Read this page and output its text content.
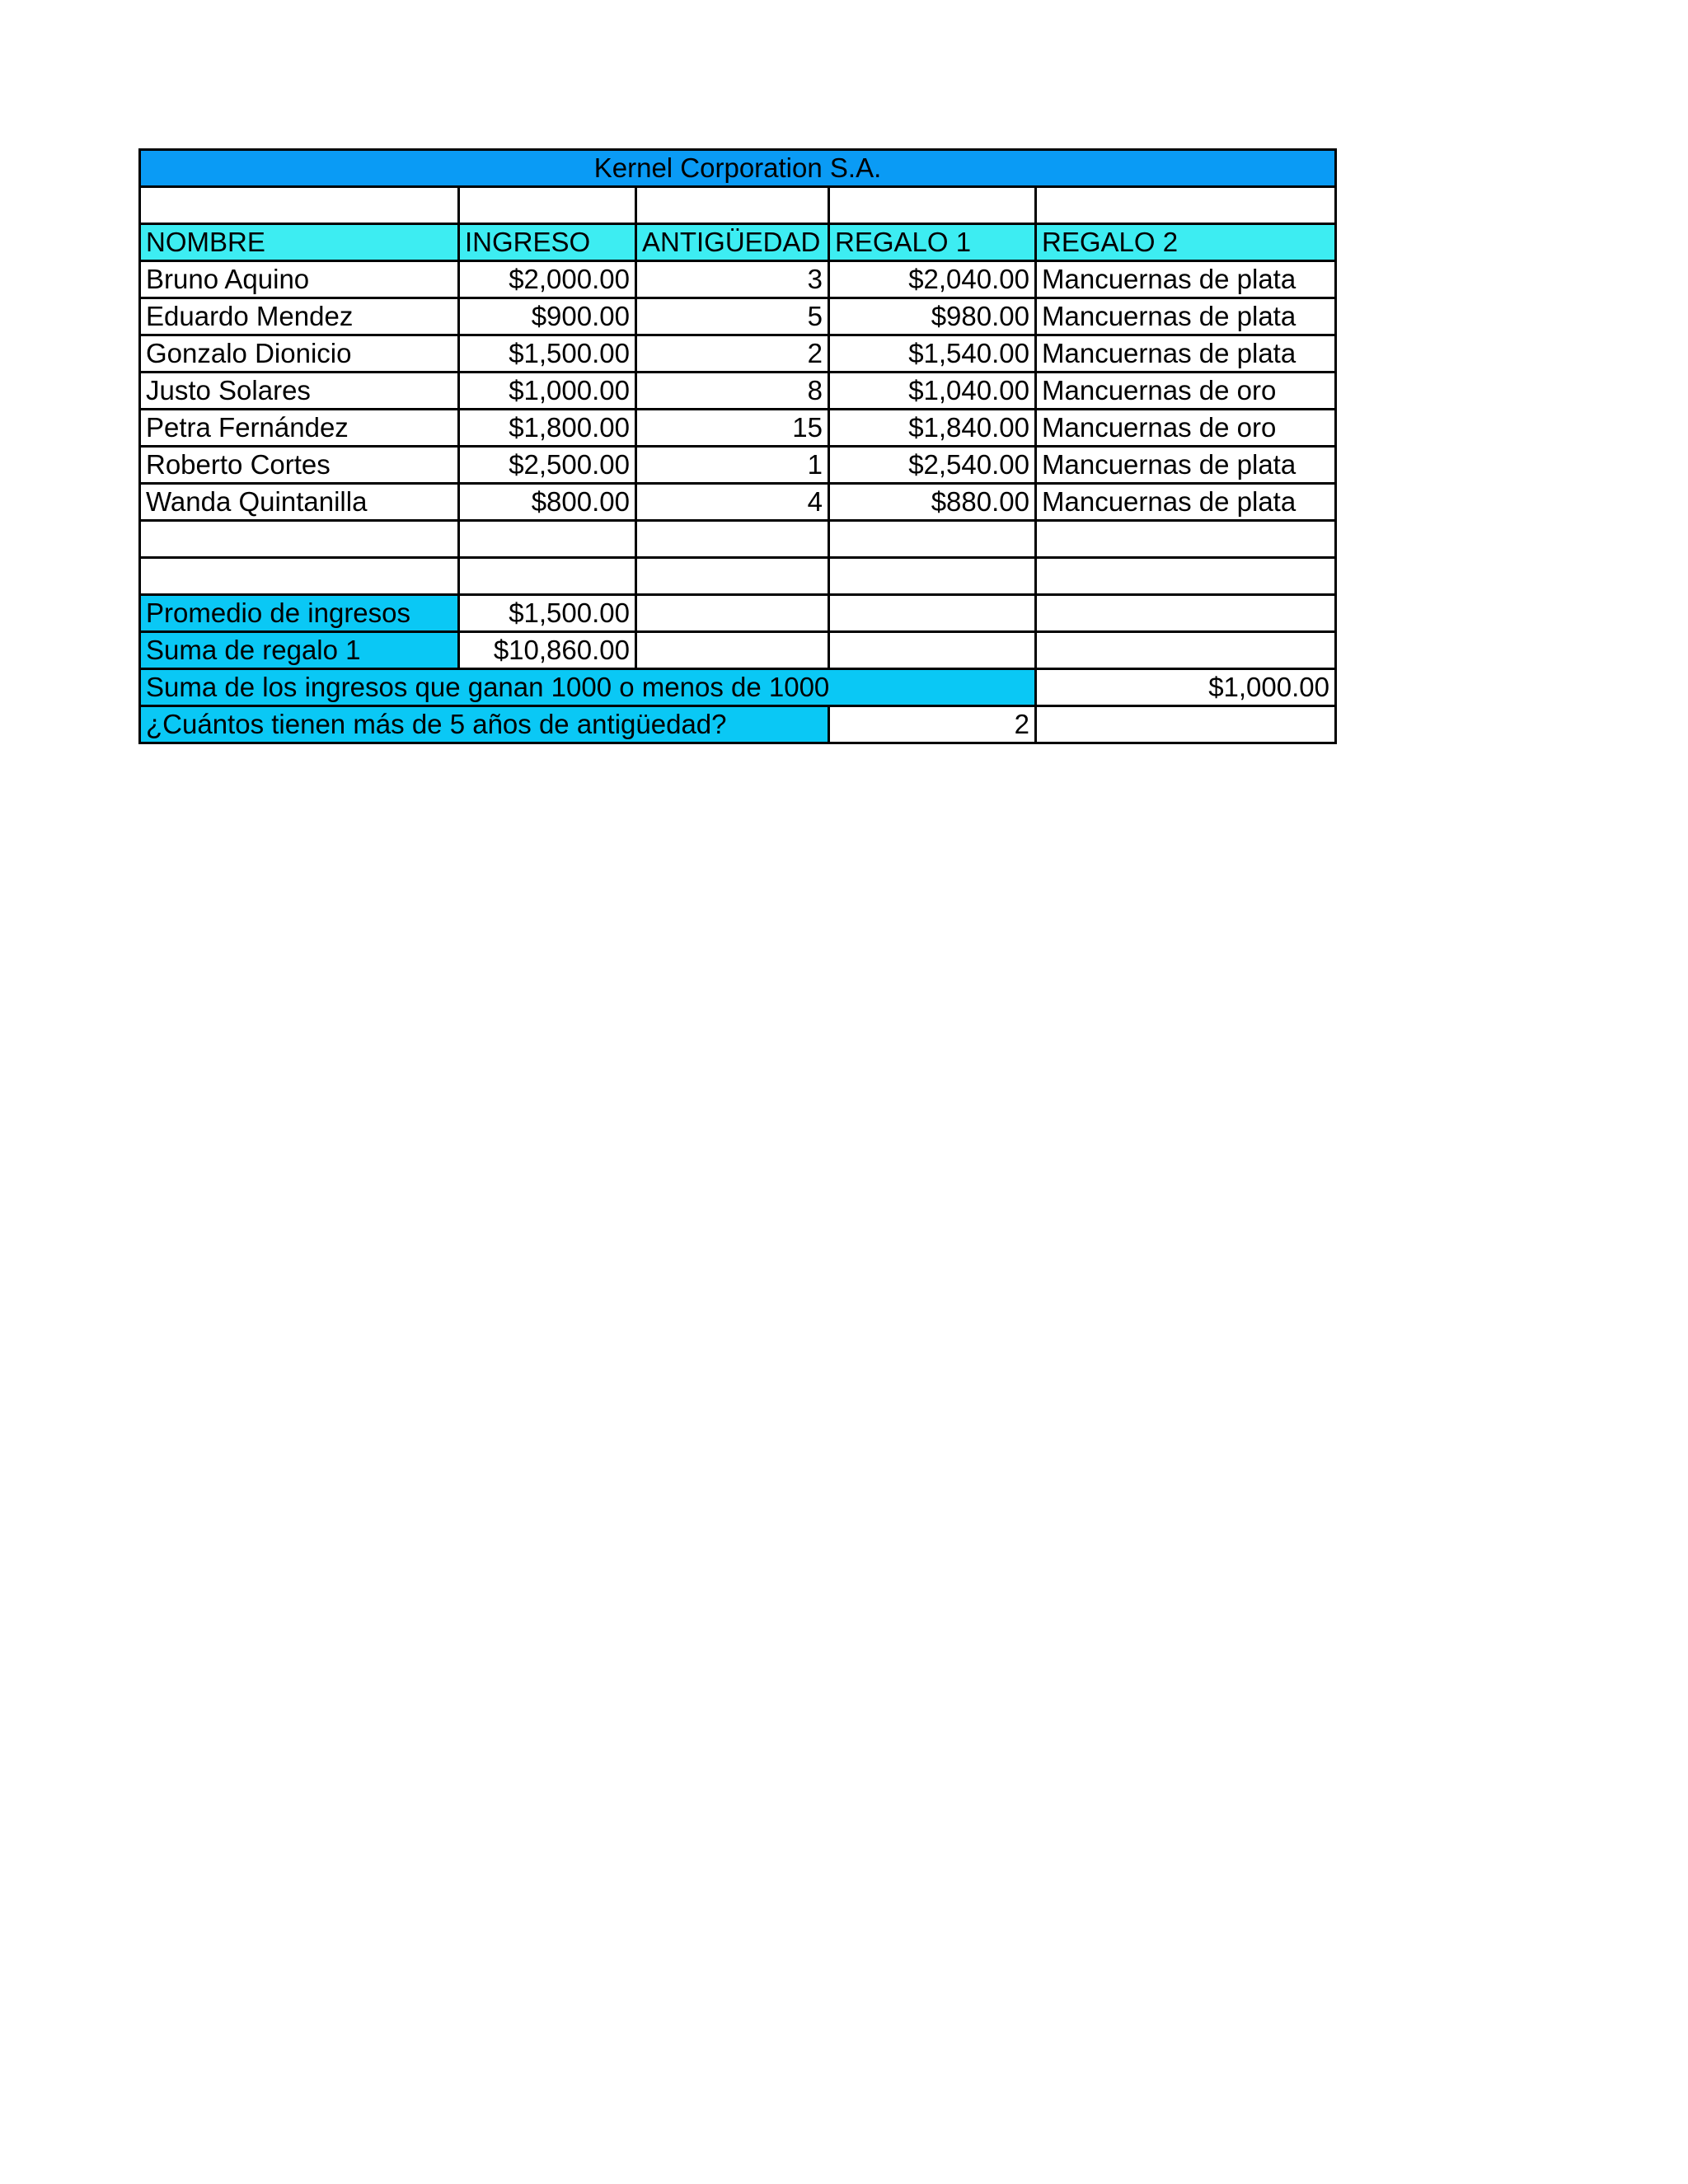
Kernel Corporation S.A.				

NOMBRE	INGRESO	ANTIGÜEDAD	REGALO 1	REGALO 2
Bruno Aquino	$2,000.00	3	$2,040.00	Mancuernas de plata
Eduardo Mendez	$900.00	5	$980.00	Mancuernas de plata
Gonzalo Dionicio	$1,500.00	2	$1,540.00	Mancuernas de plata
Justo Solares	$1,000.00	8	$1,040.00	Mancuernas de oro
Petra Fernández	$1,800.00	15	$1,840.00	Mancuernas de oro
Roberto Cortes	$2,500.00	1	$2,540.00	Mancuernas de plata
Wanda Quintanilla	$800.00	4	$880.00	Mancuernas de plata

Promedio de ingresos	$1,500.00			
Suma de regalo 1	$10,860.00			
Suma de los ingresos que ganan 1000 o menos de 1000				$1,000.00
¿Cuántos tienen más de 5 años de antigüedad?			2	
